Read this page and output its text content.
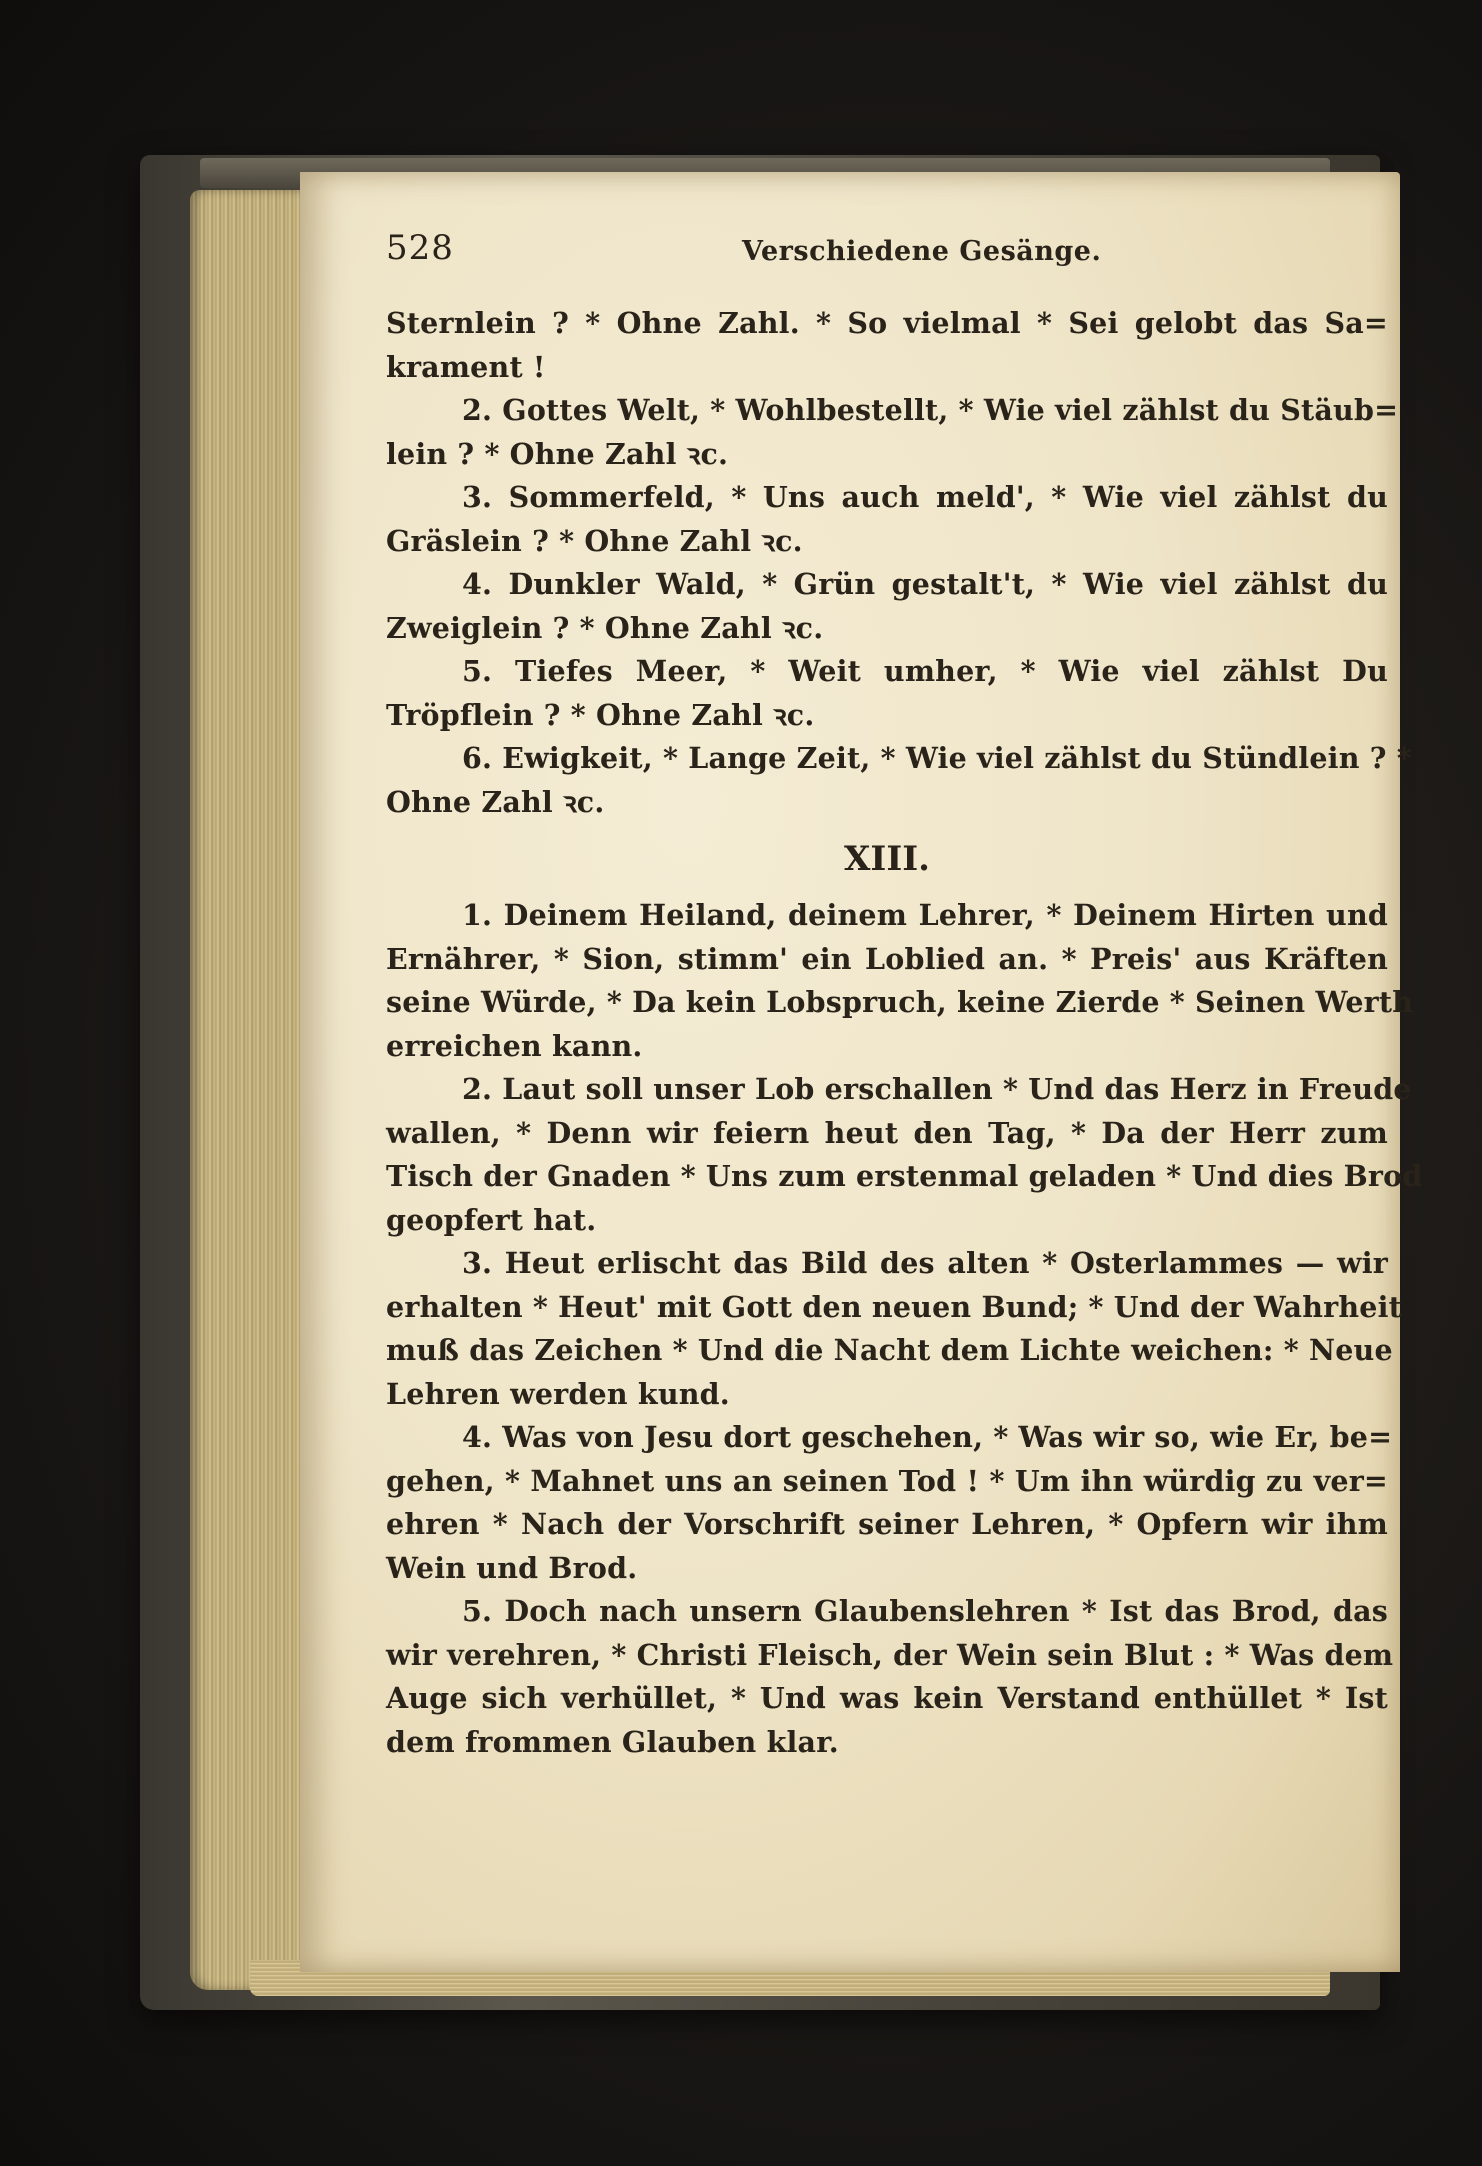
528	Verschiedene Gesänge.
Sternlein ? * Ohne Zahl. * So vielmal * Sei gelobt das Sa=
krament !
2. Gottes Welt, * Wohlbestellt, * Wie viel zählst du Stäub=
lein ? * Ohne Zahl ꝛc.
3. Sommerfeld, * Uns auch meld', * Wie viel zählst du
Gräslein ? * Ohne Zahl ꝛc.
4. Dunkler Wald, * Grün gestalt't, * Wie viel zählst du
Zweiglein ? * Ohne Zahl ꝛc.
5. Tiefes Meer, * Weit umher, * Wie viel zählst Du
Tröpflein ? * Ohne Zahl ꝛc.
6. Ewigkeit, * Lange Zeit, * Wie viel zählst du Stündlein ? *
Ohne Zahl ꝛc.
XIII.
1. Deinem Heiland, deinem Lehrer, * Deinem Hirten und
Ernährer, * Sion, stimm' ein Loblied an. * Preis' aus Kräften
seine Würde, * Da kein Lobspruch, keine Zierde * Seinen Werth
erreichen kann.
2. Laut soll unser Lob erschallen * Und das Herz in Freude
wallen, * Denn wir feiern heut den Tag, * Da der Herr zum
Tisch der Gnaden * Uns zum erstenmal geladen * Und dies Brod
geopfert hat.
3. Heut erlischt das Bild des alten * Osterlammes — wir
erhalten * Heut' mit Gott den neuen Bund; * Und der Wahrheit
muß das Zeichen * Und die Nacht dem Lichte weichen: * Neue
Lehren werden kund.
4. Was von Jesu dort geschehen, * Was wir so, wie Er, be=
gehen, * Mahnet uns an seinen Tod ! * Um ihn würdig zu ver=
ehren * Nach der Vorschrift seiner Lehren, * Opfern wir ihm
Wein und Brod.
5. Doch nach unsern Glaubenslehren * Ist das Brod, das
wir verehren, * Christi Fleisch, der Wein sein Blut : * Was dem
Auge sich verhüllet, * Und was kein Verstand enthüllet * Ist
dem frommen Glauben klar.
